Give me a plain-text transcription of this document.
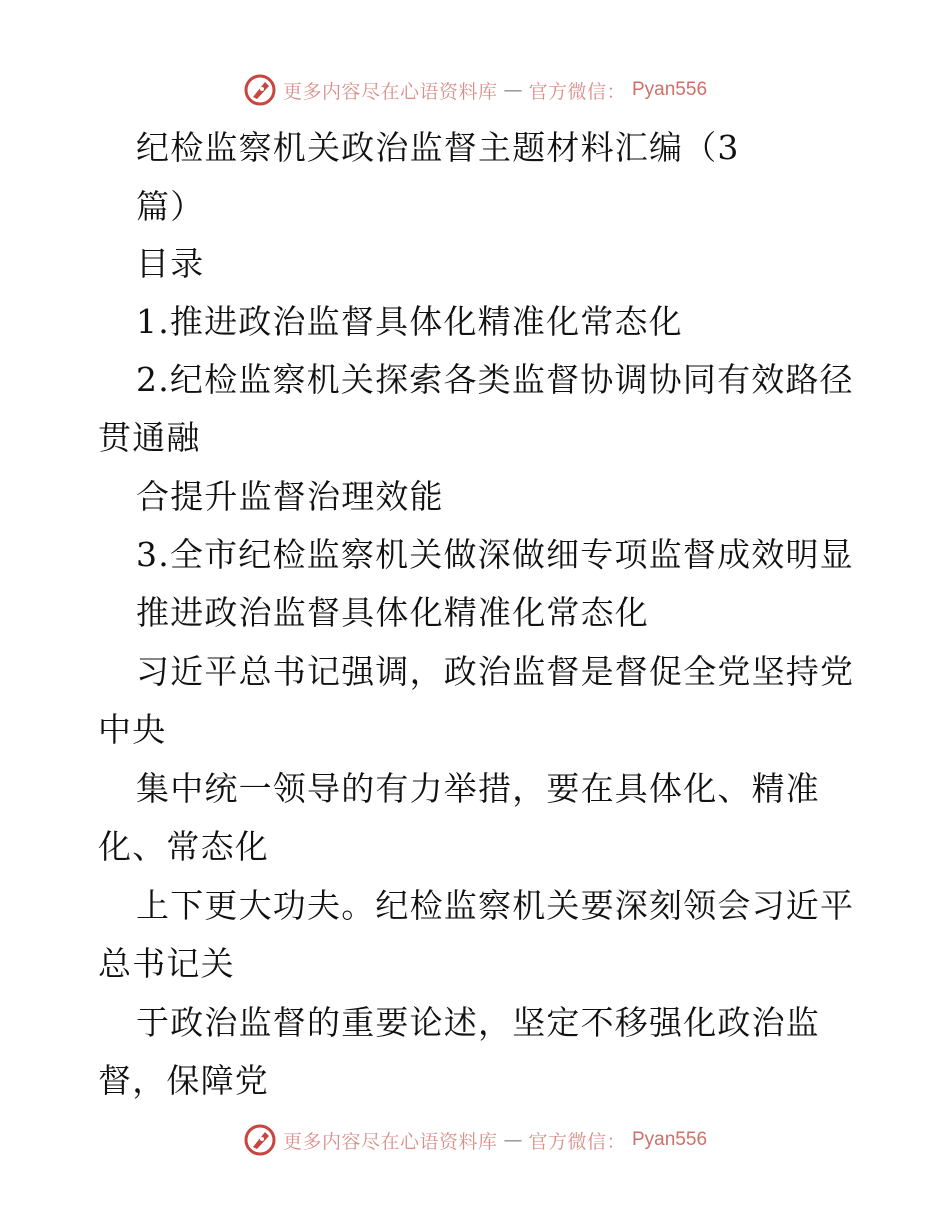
更多内容尽在心语资料库 — 官方微信： Pyan556
纪检监察机关政治监督主题材料汇编（3
篇）
目录
1.推进政治监督具体化精准化常态化
2.纪检监察机关探索各类监督协调协同有效路径
贯通融
合提升监督治理效能
3.全市纪检监察机关做深做细专项监督成效明显
推进政治监督具体化精准化常态化
习近平总书记强调，政治监督是督促全党坚持党
中央
集中统一领导的有力举措，要在具体化、精准
化、常态化
上下更大功夫。纪检监察机关要深刻领会习近平
总书记关
于政治监督的重要论述，坚定不移强化政治监
督，保障党
更多内容尽在心语资料库 — 官方微信： Pyan556
